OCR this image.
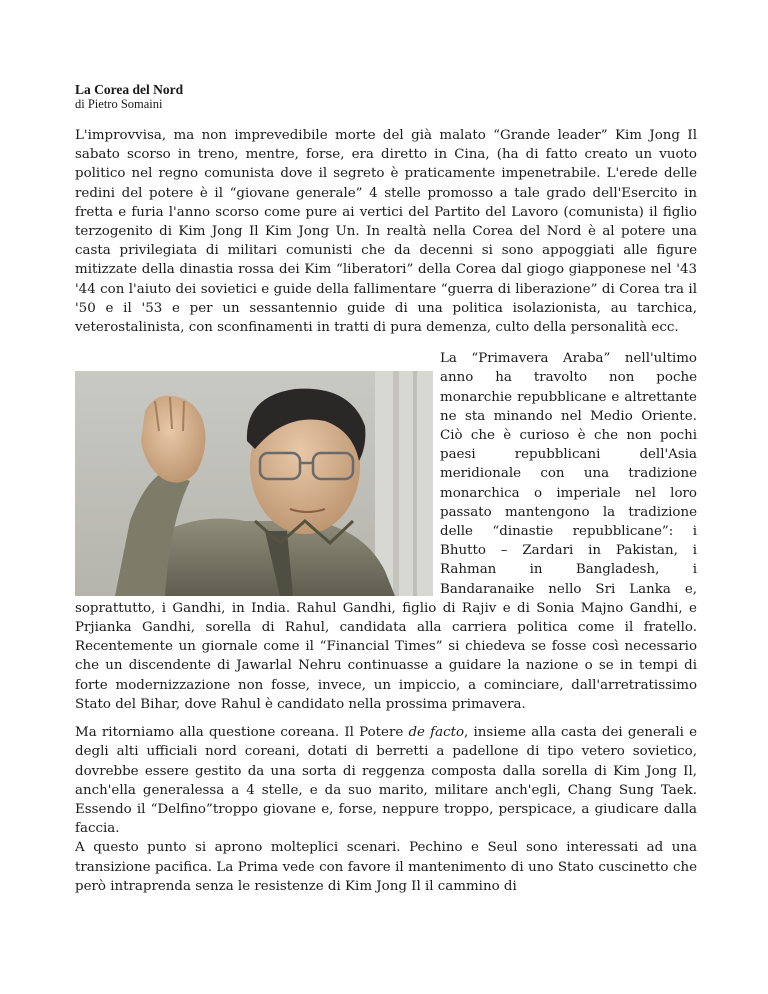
La Corea del Nord

di Pietro Somaini

L'improvvisa, ma non imprevedibile morte del già malato “Grande leader” Kim Jong Il sabato scorso in treno, mentre, forse, era diretto in Cina, (ha di fatto creato un vuoto politico nel regno comunista dove il segreto è praticamente impenetrabile. L'erede delle redini del potere è il “giovane generale” 4 stelle promosso a tale grado dell'Esercito in fretta e furia l'anno scorso come pure ai vertici del Partito del Lavoro (comunista) il figlio terzogenito di Kim Jong Il Kim Jong Un. In realtà nella Corea del Nord è al potere una casta privilegiata di militari comunisti che da decenni si sono appoggiati alle figure mitizzate della dinastia rossa dei Kim “liberatori” della Corea dal giogo giapponese nel '43 '44 con l'aiuto dei sovietici e guide della fallimentare “guerra di liberazione” di Corea tra il '50 e il '53 e per un sessantennio guide di una politica isolazionista, au tarchica, veterostalinista, con sconfinamenti in tratti di pura demenza, culto della personalità ecc.

La “Primavera Araba” nell'ultimo anno ha travolto non poche monarchie repubblicane e altrettante ne sta minando nel Medio Oriente. Ciò che è curioso è che non pochi paesi repubblicani dell'Asia meridionale con una tradizione monarchica o imperiale nel loro passato mantengono la tradizione delle “dinastie repubblicane”: i Bhutto – Zardari in Pakistan, i Rahman in Bangladesh, i Bandaranaike nello Sri Lanka e, soprattutto, i Gandhi, in India. Rahul Gandhi, figlio di Rajiv e di Sonia Majno Gandhi, e Prjianka Gandhi, sorella di Rahul, candidata alla carriera politica come il fratello. Recentemente un giornale come il “Financial Times” si chiedeva se fosse così necessario che un discendente di Jawarlal Nehru continuasse a guidare la nazione o se in tempi di forte modernizzazione non fosse, invece, un impiccio, a cominciare, dall'arretratissimo Stato del Bihar, dove Rahul è candidato nella prossima primavera.

Ma ritorniamo alla questione coreana. Il Potere de facto, insieme alla casta dei generali e degli alti ufficiali nord coreani, dotati di berretti a padellone di tipo vetero sovietico, dovrebbe essere gestito da una sorta di reggenza composta dalla sorella di Kim Jong Il, anch'ella generalessa a 4 stelle, e da suo marito, militare anch'egli, Chang Sung Taek. Essendo il “Delfino”troppo giovane e, forse, neppure troppo, perspicace, a giudicare dalla faccia.

A questo punto si aprono molteplici scenari. Pechino e Seul sono interessati ad una transizione pacifica. La Prima vede con favore il mantenimento di uno Stato cuscinetto che però intraprenda senza le resistenze di Kim Jong Il il cammino di
